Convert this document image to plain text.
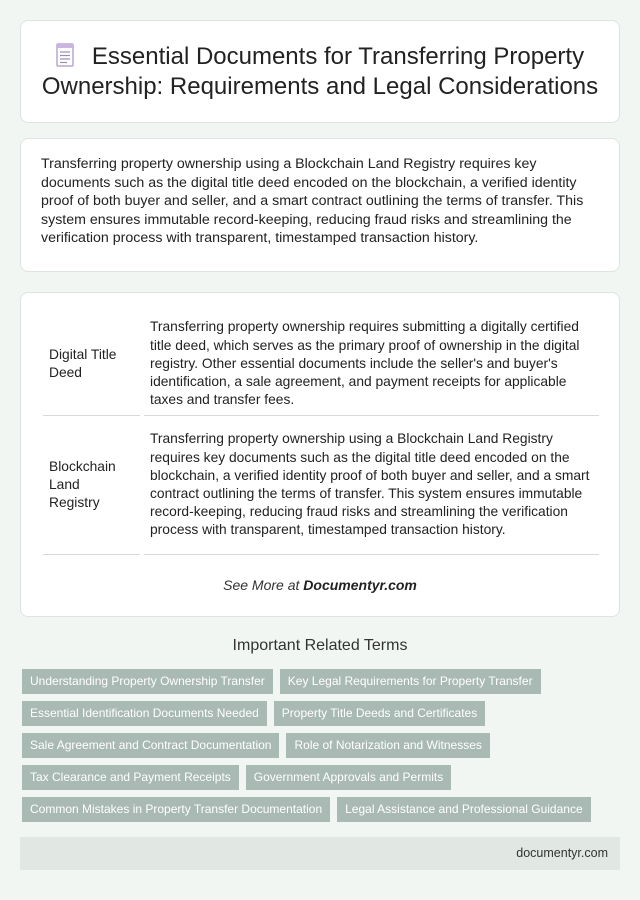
Essential Documents for Transferring Property Ownership: Requirements and Legal Considerations

Transferring property ownership using a Blockchain Land Registry requires key documents such as the digital title deed encoded on the blockchain, a verified identity proof of both buyer and seller, and a smart contract outlining the terms of transfer. This system ensures immutable record-keeping, reducing fraud risks and streamlining the verification process with transparent, timestamped transaction history.

Digital Title Deed		Transferring property ownership requires submitting a digitally certified title deed, which serves as the primary proof of ownership in the digital registry. Other essential documents include the seller's and buyer's identification, a sale agreement, and payment receipts for applicable taxes and transfer fees.
Blockchain Land Registry		Transferring property ownership using a Blockchain Land Registry requires key documents such as the digital title deed encoded on the blockchain, a verified identity proof of both buyer and seller, and a smart contract outlining the terms of transfer. This system ensures immutable record-keeping, reducing fraud risks and streamlining the verification process with transparent, timestamped transaction history.
See More at Documentyr.com
Important Related Terms
Understanding Property Ownership Transfer Key Legal Requirements for Property Transfer
Essential Identification Documents Needed Property Title Deeds and Certificates
Sale Agreement and Contract Documentation Role of Notarization and Witnesses
Tax Clearance and Payment Receipts Government Approvals and Permits
Common Mistakes in Property Transfer Documentation Legal Assistance and Professional Guidance
documentyr.com
